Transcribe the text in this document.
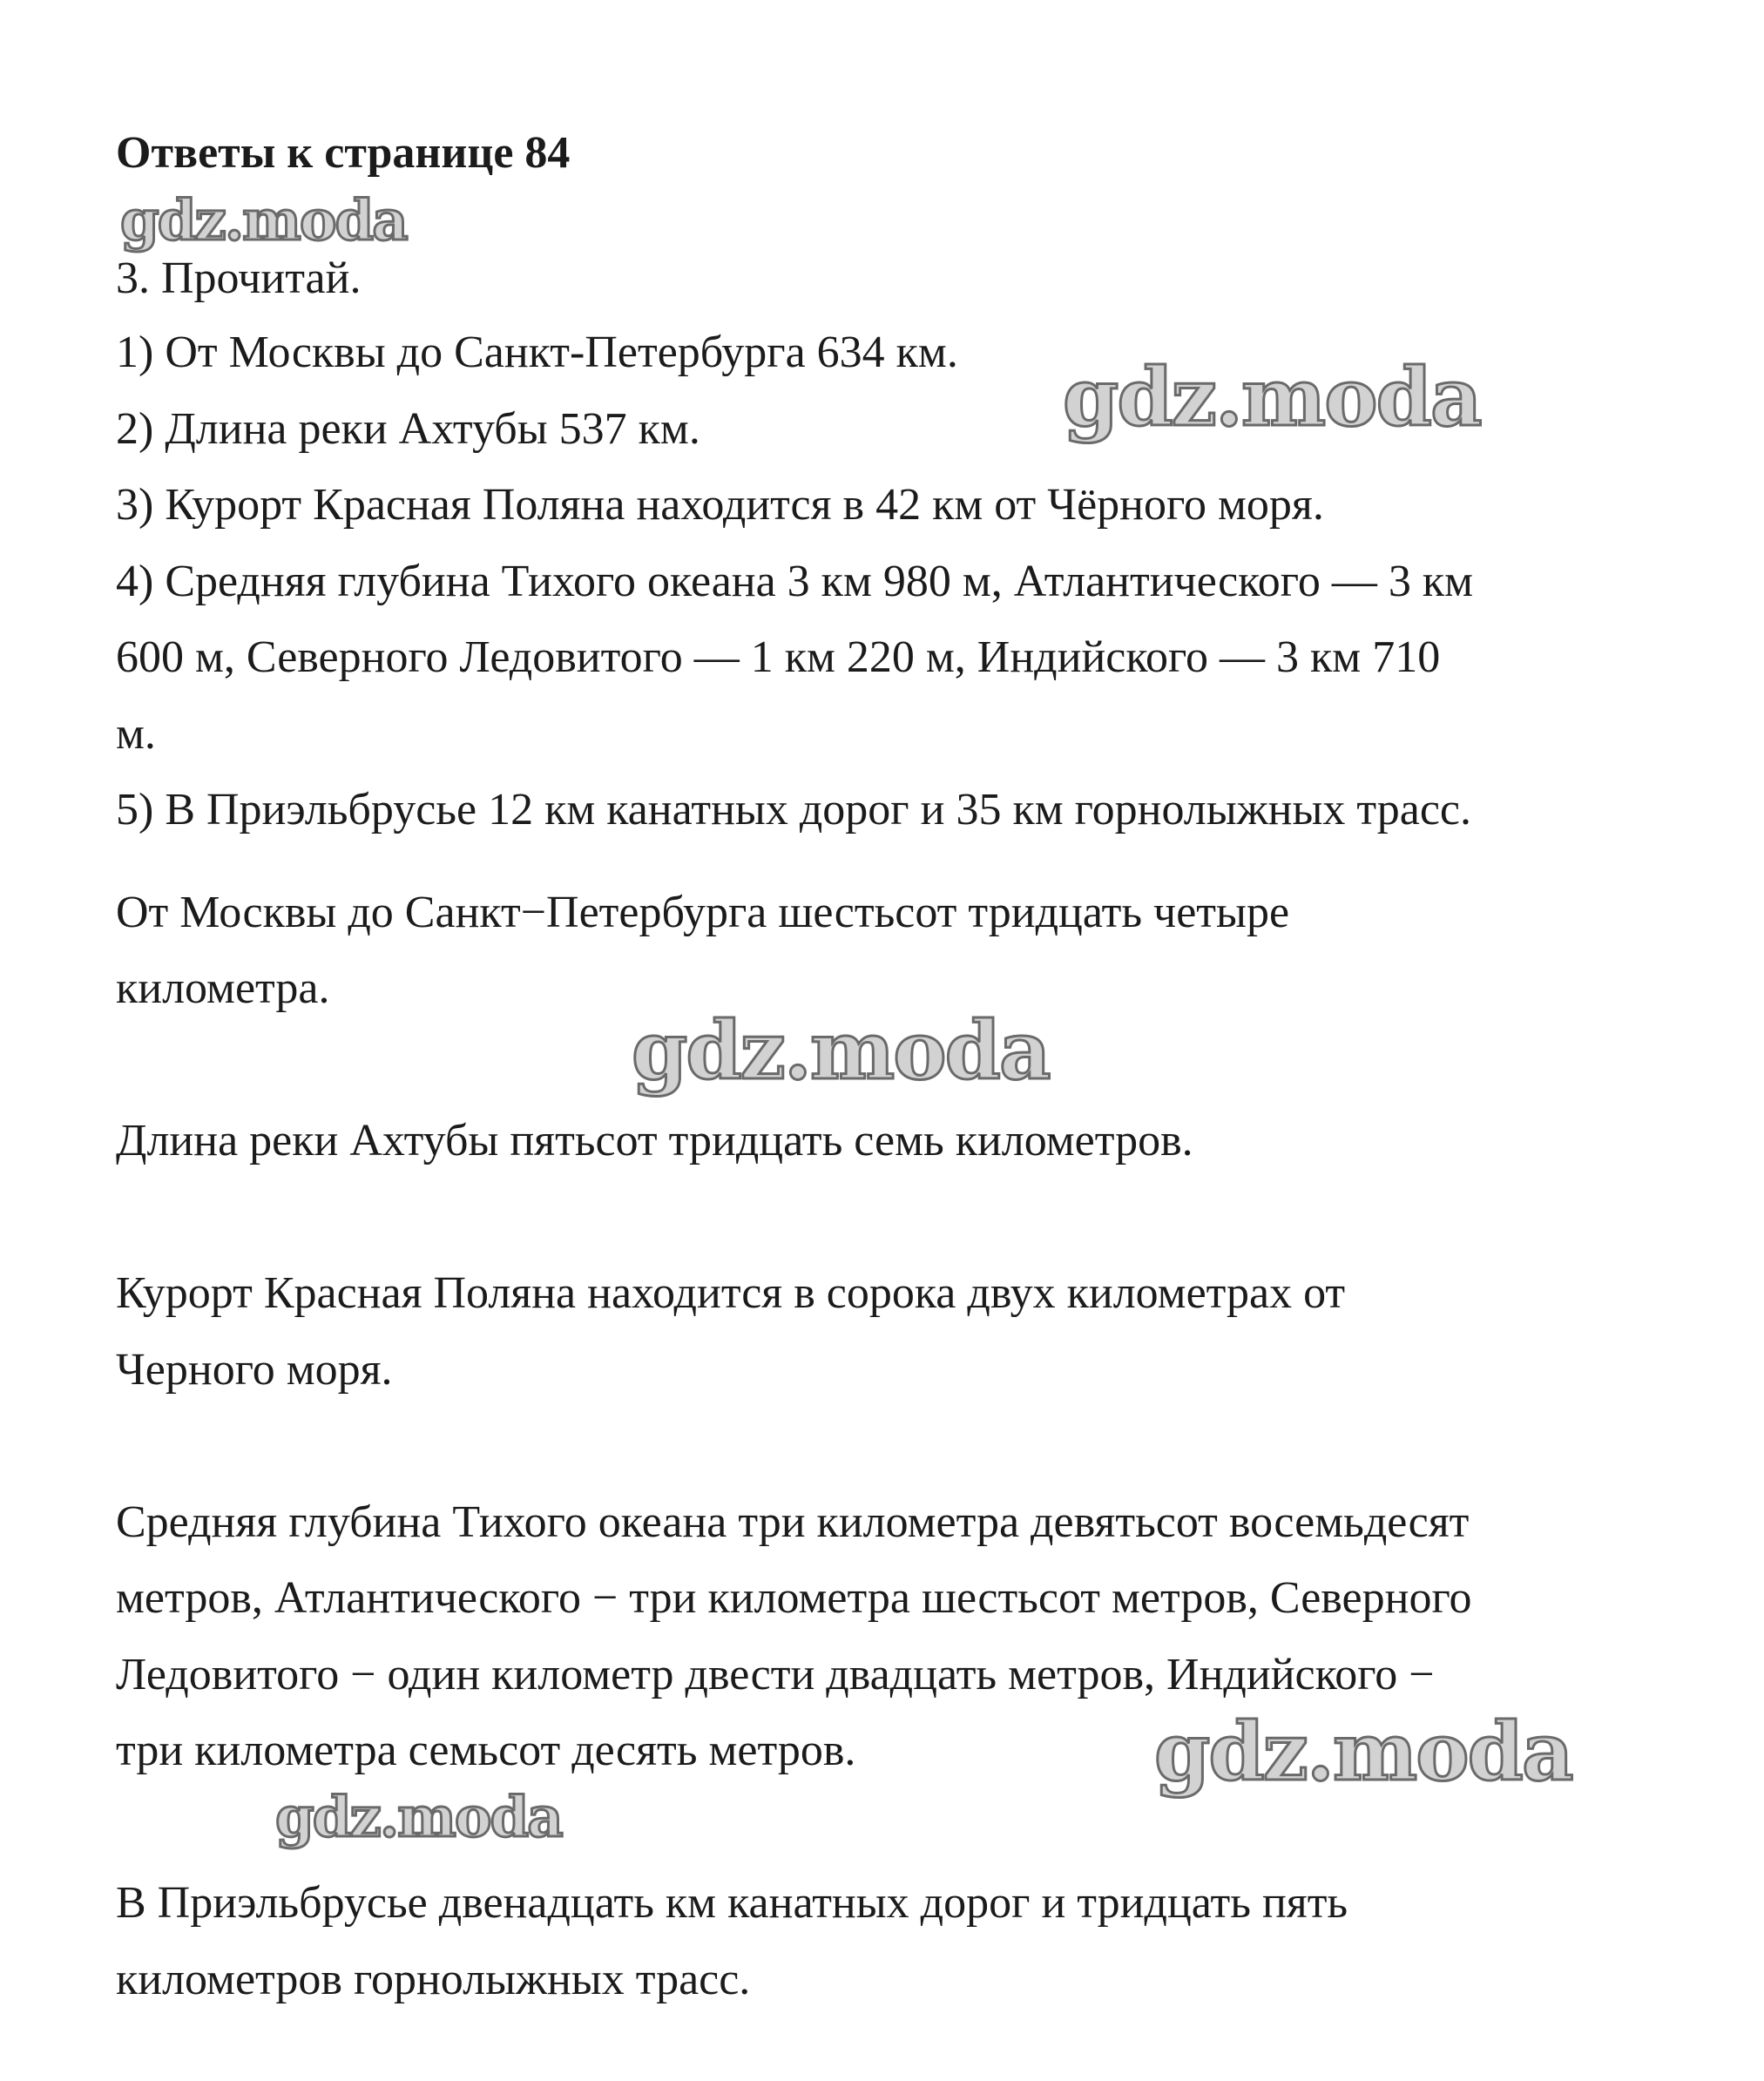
Ответы к странице 84
gdz.moda
3. Прочитай.
1) От Москвы до Санкт-Петербурга 634 км.
2) Длина реки Ахтубы 537 км.
3) Курорт Красная Поляна находится в 42 км от Чёрного моря.
4) Средняя глубина Тихого океана 3 км 980 м, Атлантического — 3 км
600 м, Северного Ледовитого — 1 км 220 м, Индийского — 3 км 710
м.
5) В Приэльбрусье 12 км канатных дорог и 35 км горнолыжных трасс.
gdz.moda
От Москвы до Санкт−Петербурга шестьсот тридцать четыре
километра.
gdz.moda
Длина реки Ахтубы пятьсот тридцать семь километров.
Курорт Красная Поляна находится в сорока двух километрах от
Черного моря.
Средняя глубина Тихого океана три километра девятьсот восемьдесят
метров, Атлантического − три километра шестьсот метров, Северного
Ледовитого − один километр двести двадцать метров, Индийского −
три километра семьсот десять метров.	gdz.moda
gdz.moda
В Приэльбрусье двенадцать км канатных дорог и тридцать пять
километров горнолыжных трасс.
